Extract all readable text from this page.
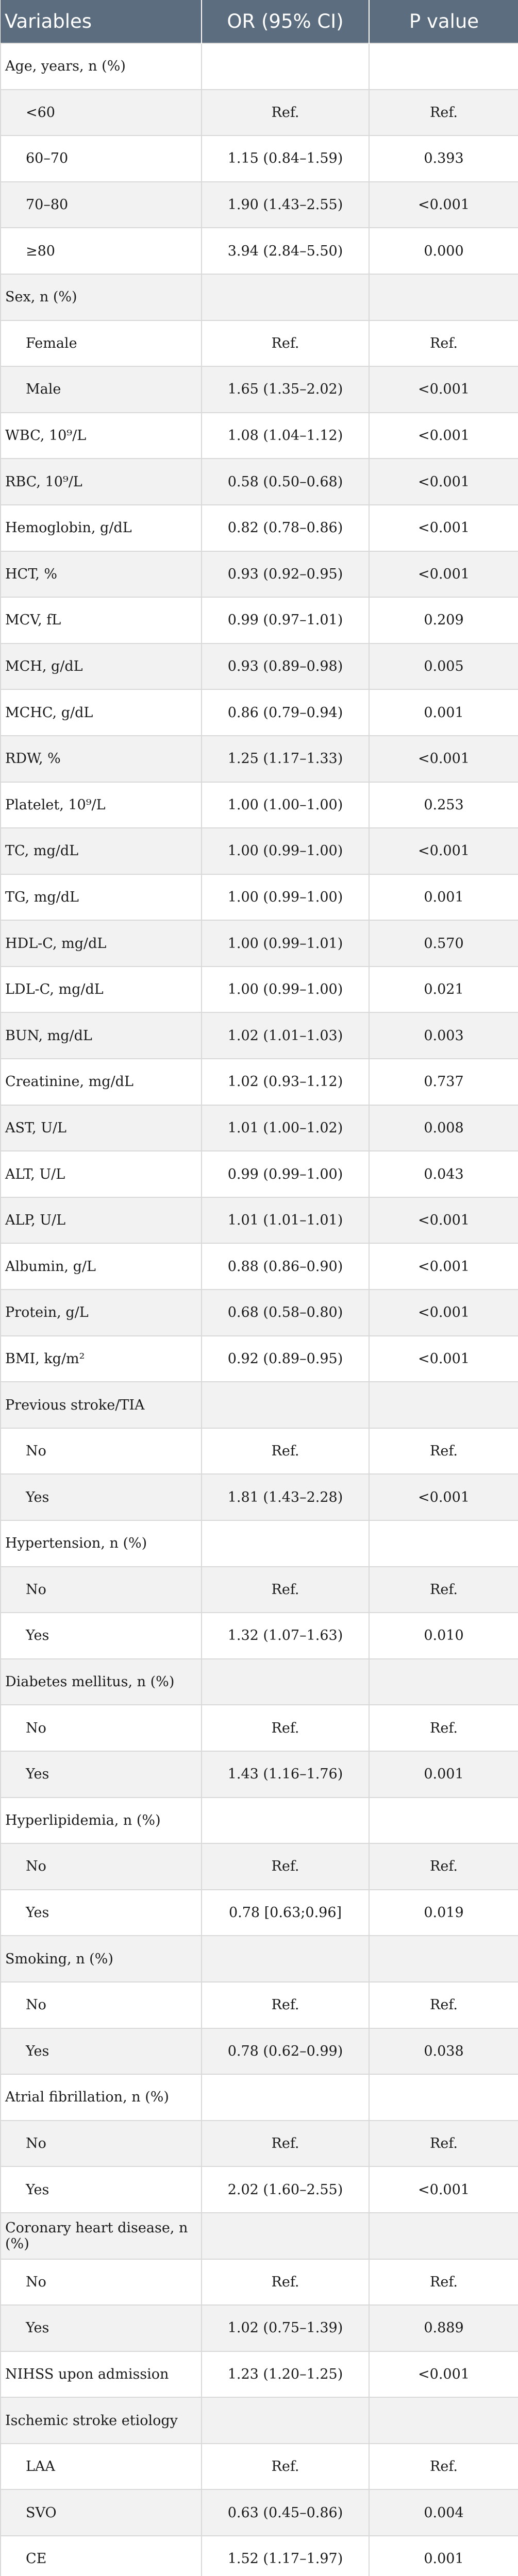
Variables	OR (95% CI)	P value
Age, years, n (%)		
<60	Ref.	Ref.
60–70	1.15 (0.84–1.59)	0.393
70–80	1.90 (1.43–2.55)	<0.001
≥80	3.94 (2.84–5.50)	0.000
Sex, n (%)		
Female	Ref.	Ref.
Male	1.65 (1.35–2.02)	<0.001
WBC, 10⁹/L	1.08 (1.04–1.12)	<0.001
RBC, 10⁹/L	0.58 (0.50–0.68)	<0.001
Hemoglobin, g/dL	0.82 (0.78–0.86)	<0.001
HCT, %	0.93 (0.92–0.95)	<0.001
MCV, fL	0.99 (0.97–1.01)	0.209
MCH, g/dL	0.93 (0.89–0.98)	0.005
MCHC, g/dL	0.86 (0.79–0.94)	0.001
RDW, %	1.25 (1.17–1.33)	<0.001
Platelet, 10⁹/L	1.00 (1.00–1.00)	0.253
TC, mg/dL	1.00 (0.99–1.00)	<0.001
TG, mg/dL	1.00 (0.99–1.00)	0.001
HDL-C, mg/dL	1.00 (0.99–1.01)	0.570
LDL-C, mg/dL	1.00 (0.99–1.00)	0.021
BUN, mg/dL	1.02 (1.01–1.03)	0.003
Creatinine, mg/dL	1.02 (0.93–1.12)	0.737
AST, U/L	1.01 (1.00–1.02)	0.008
ALT, U/L	0.99 (0.99–1.00)	0.043
ALP, U/L	1.01 (1.01–1.01)	<0.001
Albumin, g/L	0.88 (0.86–0.90)	<0.001
Protein, g/L	0.68 (0.58–0.80)	<0.001
BMI, kg/m²	0.92 (0.89–0.95)	<0.001
Previous stroke/TIA		
No	Ref.	Ref.
Yes	1.81 (1.43–2.28)	<0.001
Hypertension, n (%)		
No	Ref.	Ref.
Yes	1.32 (1.07–1.63)	0.010
Diabetes mellitus, n (%)		
No	Ref.	Ref.
Yes	1.43 (1.16–1.76)	0.001
Hyperlipidemia, n (%)		
No	Ref.	Ref.
Yes	0.78 [0.63;0.96]	0.019
Smoking, n (%)		
No	Ref.	Ref.
Yes	0.78 (0.62–0.99)	0.038
Atrial fibrillation, n (%)		
No	Ref.	Ref.
Yes	2.02 (1.60–2.55)	<0.001
Coronary heart disease, n (%)		
No	Ref.	Ref.
Yes	1.02 (0.75–1.39)	0.889
NIHSS upon admission	1.23 (1.20–1.25)	<0.001
Ischemic stroke etiology		
LAA	Ref.	Ref.
SVO	0.63 (0.45–0.86)	0.004
CE	1.52 (1.17–1.97)	0.001
